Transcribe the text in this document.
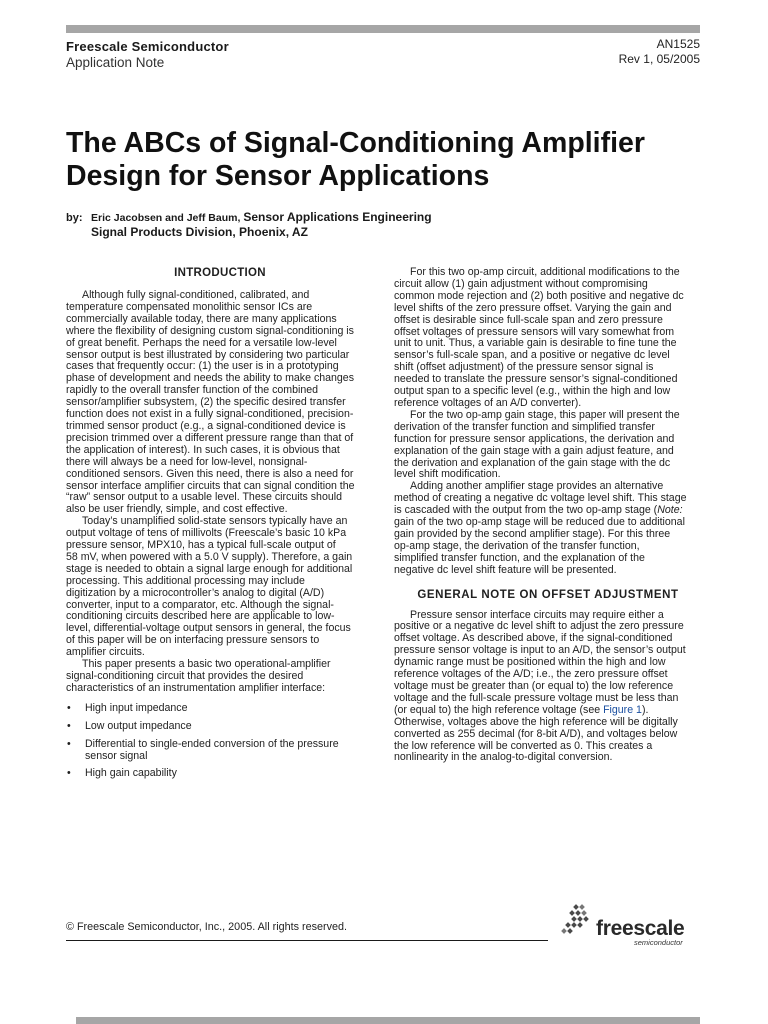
Freescale Semiconductor
Application Note
AN1525
Rev 1, 05/2005
The ABCs of Signal-Conditioning Amplifier
Design for Sensor Applications
by: Eric Jacobsen and Jeff Baum, Sensor Applications Engineering
Signal Products Division, Phoenix, AZ
INTRODUCTION
Although fully signal-conditioned, calibrated, and
temperature compensated monolithic sensor ICs are
commercially available today, there are many applications
where the flexibility of designing custom signal-conditioning is
of great benefit. Perhaps the need for a versatile low-level
sensor output is best illustrated by considering two particular
cases that frequently occur: (1) the user is in a prototyping
phase of development and needs the ability to make changes
rapidly to the overall transfer function of the combined
sensor/amplifier subsystem, (2) the specific desired transfer
function does not exist in a fully signal-conditioned, precision-
trimmed sensor product (e.g., a signal-conditioned device is
precision trimmed over a different pressure range than that of
the application of interest). In such cases, it is obvious that
there will always be a need for low-level, nonsignal-
conditioned sensors. Given this need, there is also a need for
sensor interface amplifier circuits that can signal condition the
“raw” sensor output to a usable level. These circuits should
also be user friendly, simple, and cost effective.
Today’s unamplified solid-state sensors typically have an
output voltage of tens of millivolts (Freescale’s basic 10 kPa
pressure sensor, MPX10, has a typical full-scale output of
58 mV, when powered with a 5.0 V supply). Therefore, a gain
stage is needed to obtain a signal large enough for additional
processing. This additional processing may include
digitization by a microcontroller’s analog to digital (A/D)
converter, input to a comparator, etc. Although the signal-
conditioning circuits described here are applicable to low-
level, differential-voltage output sensors in general, the focus
of this paper will be on interfacing pressure sensors to
amplifier circuits.
This paper presents a basic two operational-amplifier
signal-conditioning circuit that provides the desired
characteristics of an instrumentation amplifier interface:
• High input impedance
• Low output impedance
• Differential to single-ended conversion of the pressure
sensor signal
• High gain capability
For this two op-amp circuit, additional modifications to the
circuit allow (1) gain adjustment without compromising
common mode rejection and (2) both positive and negative dc
level shifts of the zero pressure offset. Varying the gain and
offset is desirable since full-scale span and zero pressure
offset voltages of pressure sensors will vary somewhat from
unit to unit. Thus, a variable gain is desirable to fine tune the
sensor’s full-scale span, and a positive or negative dc level
shift (offset adjustment) of the pressure sensor signal is
needed to translate the pressure sensor’s signal-conditioned
output span to a specific level (e.g., within the high and low
reference voltages of an A/D converter).
For the two op-amp gain stage, this paper will present the
derivation of the transfer function and simplified transfer
function for pressure sensor applications, the derivation and
explanation of the gain stage with a gain adjust feature, and
the derivation and explanation of the gain stage with the dc
level shift modification.
Adding another amplifier stage provides an alternative
method of creating a negative dc voltage level shift. This stage
is cascaded with the output from the two op-amp stage (Note:
gain of the two op-amp stage will be reduced due to additional
gain provided by the second amplifier stage). For this three
op-amp stage, the derivation of the transfer function,
simplified transfer function, and the explanation of the
negative dc level shift feature will be presented.
GENERAL NOTE ON OFFSET ADJUSTMENT
Pressure sensor interface circuits may require either a
positive or a negative dc level shift to adjust the zero pressure
offset voltage. As described above, if the signal-conditioned
pressure sensor voltage is input to an A/D, the sensor’s output
dynamic range must be positioned within the high and low
reference voltages of the A/D; i.e., the zero pressure offset
voltage must be greater than (or equal to) the low reference
voltage and the full-scale pressure voltage must be less than
(or equal to) the high reference voltage (see Figure 1).
Otherwise, voltages above the high reference will be digitally
converted as 255 decimal (for 8-bit A/D), and voltages below
the low reference will be converted as 0. This creates a
nonlinearity in the analog-to-digital conversion.
© Freescale Semiconductor, Inc., 2005. All rights reserved.	freescale
semiconductor
